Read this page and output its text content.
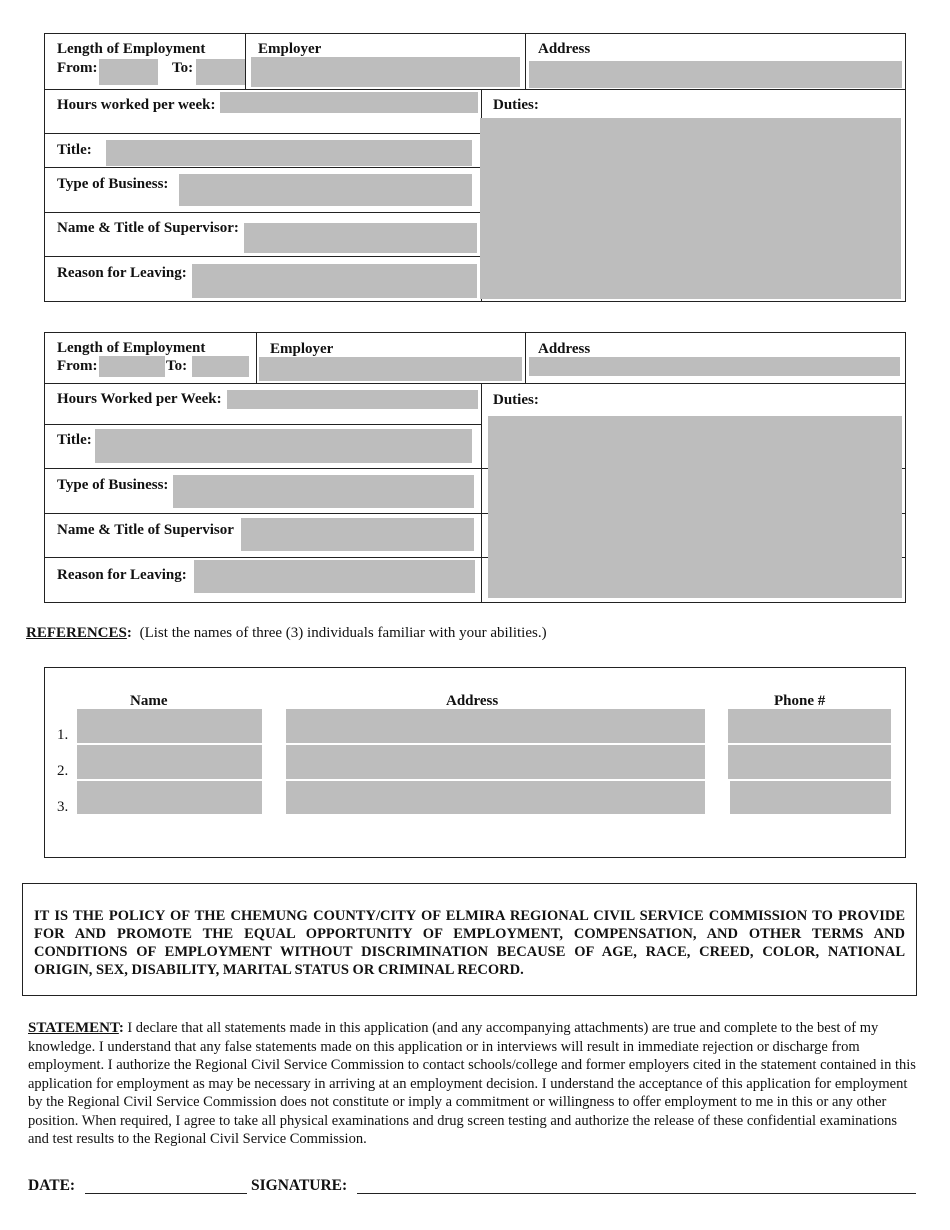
Length of Employment
From:	To:
Employer	Address
Hours worked per week:	Duties:
Title:
Type of Business:
Name & Title of Supervisor:
Reason for Leaving:
Length of Employment
From:	To:
Employer	Address
Hours Worked per Week:	Duties:
Title:
Type of Business:
Name & Title of Supervisor
Reason for Leaving:
REFERENCES: (List the names of three (3) individuals familiar with your abilities.)
Name	Address	Phone #
1.
2.
3.
IT IS THE POLICY OF THE CHEMUNG COUNTY/CITY OF ELMIRA REGIONAL CIVIL SERVICE COMMISSION TO PROVIDE FOR AND PROMOTE THE EQUAL OPPORTUNITY OF EMPLOYMENT, COMPENSATION, AND OTHER TERMS AND CONDITIONS OF EMPLOYMENT WITHOUT DISCRIMINATION BECAUSE OF AGE, RACE, CREED, COLOR, NATIONAL ORIGIN, SEX, DISABILITY, MARITAL STATUS OR CRIMINAL RECORD.
STATEMENT: I declare that all statements made in this application (and any accompanying attachments) are true and complete to the best of my knowledge. I understand that any false statements made on this application or in interviews will result in immediate rejection or discharge from employment. I authorize the Regional Civil Service Commission to contact schools/college and former employers cited in the statement contained in this application for employment as may be necessary in arriving at an employment decision. I understand the acceptance of this application for employment by the Regional Civil Service Commission does not constitute or imply a commitment or willingness to offer employment to me in this or any other position. When required, I agree to take all physical examinations and drug screen testing and authorize the release of these confidential examinations and test results to the Regional Civil Service Commission.
DATE:	SIGNATURE:
